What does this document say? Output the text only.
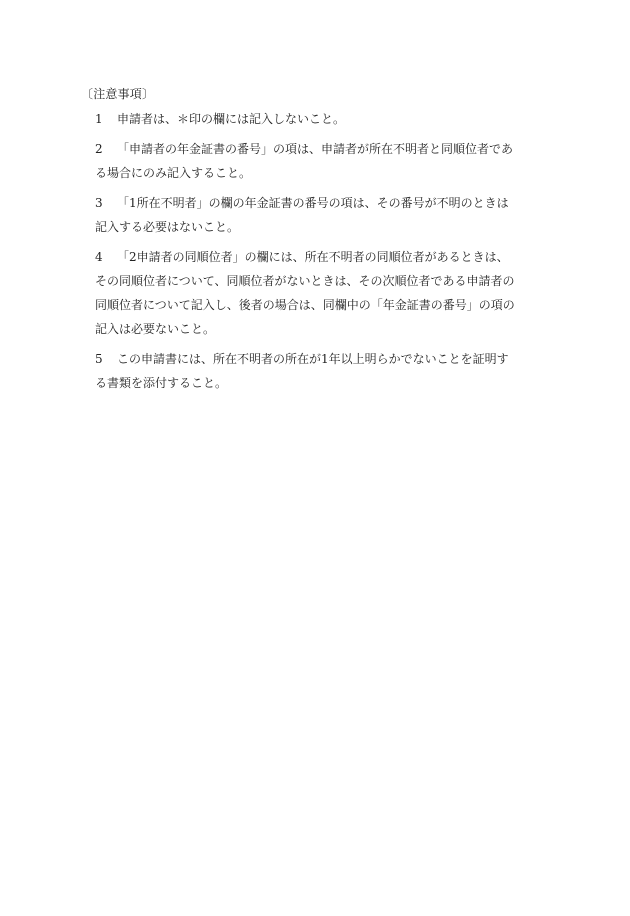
〔注意事項〕
1 申請者は、＊印の欄には記入しないこと。
2 「申請者の年金証書の番号」の項は、申請者が所在不明者と同順位者である場合にのみ記入すること。
3 「1所在不明者」の欄の年金証書の番号の項は、その番号が不明のときは記入する必要はないこと。
4 「2申請者の同順位者」の欄には、所在不明者の同順位者があるときは、その同順位者について、同順位者がないときは、その次順位者である申請者の同順位者について記入し、後者の場合は、同欄中の「年金証書の番号」の項の記入は必要ないこと。
5 この申請書には、所在不明者の所在が1年以上明らかでないことを証明する書類を添付すること。
